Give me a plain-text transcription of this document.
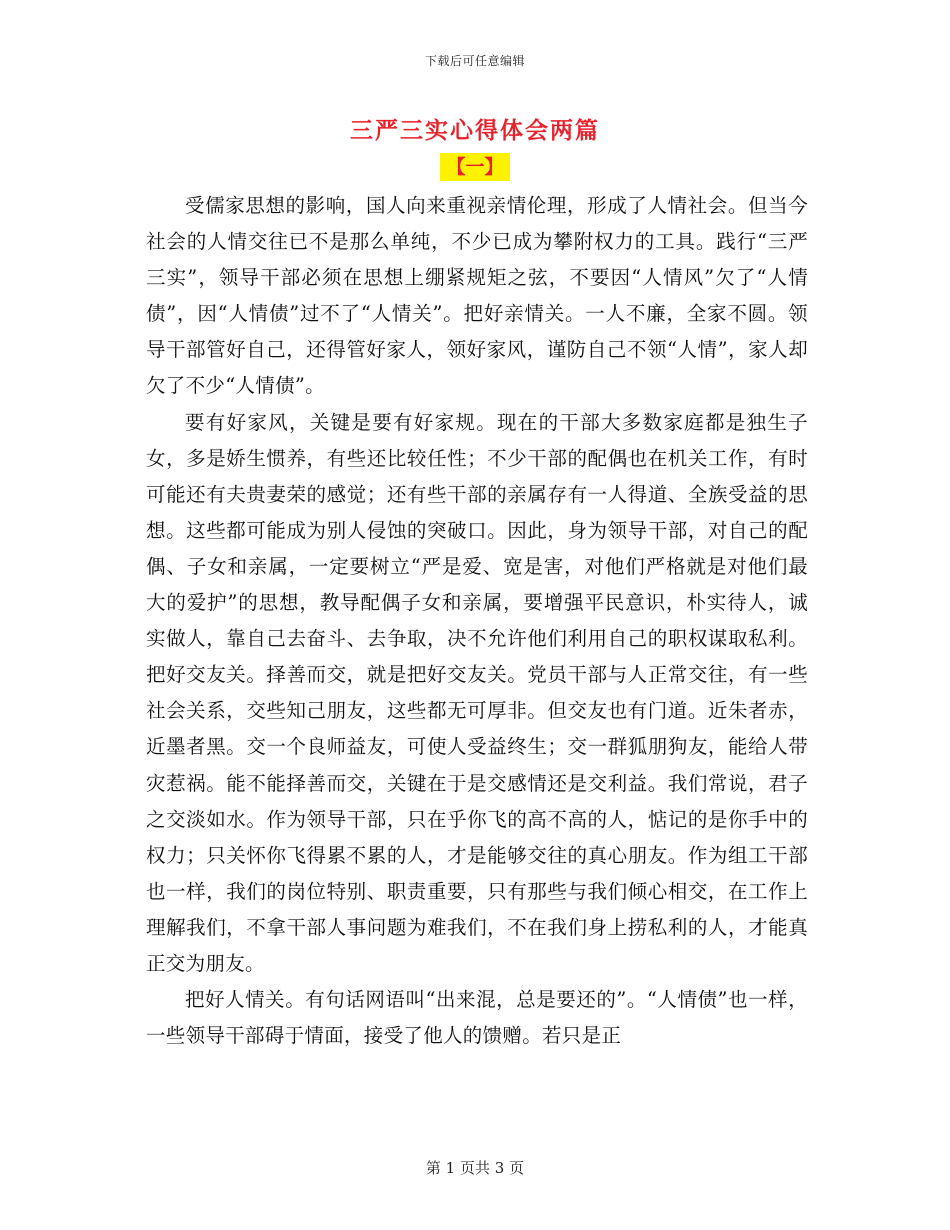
下载后可任意编辑
三严三实心得体会两篇
【一】

受儒家思想的影响，国人向来重视亲情伦理，形成了人情社会。但当今社会的人情交往已不是那么单纯，不少已成为攀附权力的工具。践行“三严三实”，领导干部必须在思想上绷紧规矩之弦，不要因“人情风”欠了“人情债”，因“人情债”过不了“人情关”。把好亲情关。一人不廉，全家不圆。领导干部管好自己，还得管好家人，领好家风，谨防自己不领“人情”，家人却欠了不少“人情债”。

要有好家风，关键是要有好家规。现在的干部大多数家庭都是独生子女，多是娇生惯养，有些还比较任性；不少干部的配偶也在机关工作，有时可能还有夫贵妻荣的感觉；还有些干部的亲属存有一人得道、全族受益的思想。这些都可能成为别人侵蚀的突破口。因此，身为领导干部，对自己的配偶、子女和亲属，一定要树立“严是爱、宽是害，对他们严格就是对他们最大的爱护”的思想，教导配偶子女和亲属，要增强平民意识，朴实待人，诚实做人，靠自己去奋斗、去争取，决不允许他们利用自己的职权谋取私利。把好交友关。择善而交，就是把好交友关。党员干部与人正常交往，有一些社会关系，交些知己朋友，这些都无可厚非。但交友也有门道。近朱者赤，近墨者黑。交一个良师益友，可使人受益终生；交一群狐朋狗友，能给人带灾惹祸。能不能择善而交，关键在于是交感情还是交利益。我们常说，君子之交淡如水。作为领导干部，只在乎你飞的高不高的人，惦记的是你手中的权力；只关怀你飞得累不累的人，才是能够交往的真心朋友。作为组工干部也一样，我们的岗位特别、职责重要，只有那些与我们倾心相交，在工作上理解我们，不拿干部人事问题为难我们，不在我们身上捞私利的人，才能真正交为朋友。

把好人情关。有句话网语叫“出来混，总是要还的”。“人情债”也一样，一些领导干部碍于情面，接受了他人的馈赠。若只是正

第 1 页共 3 页
